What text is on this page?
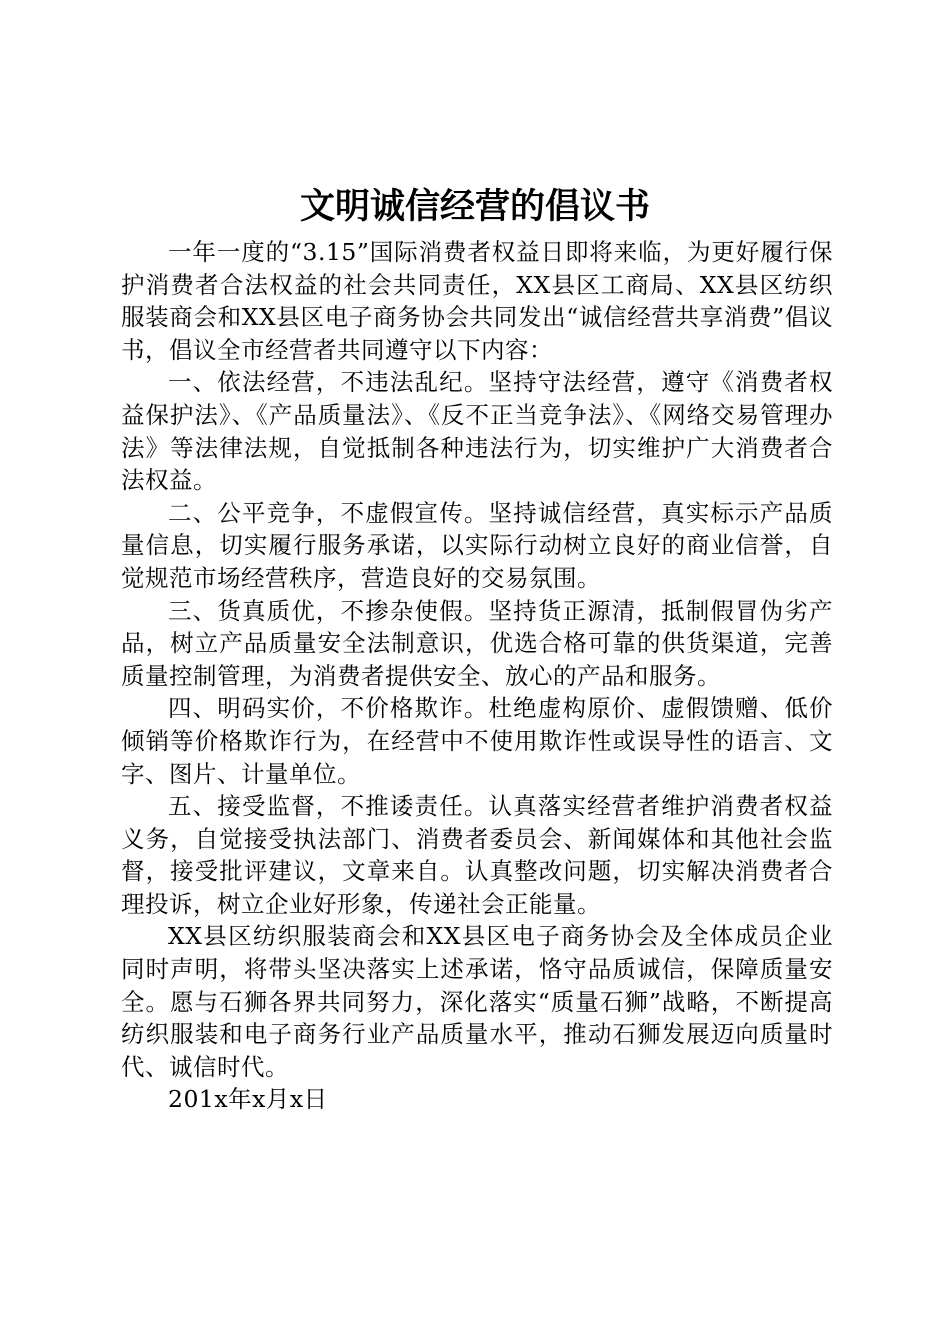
文明诚信经营的倡议书

一年一度的“3.15”国际消费者权益日即将来临，为更好履行保护消费者合法权益的社会共同责任，XX县区工商局、XX县区纺织服装商会和XX县区电子商务协会共同发出“诚信经营共享消费”倡议书，倡议全市经营者共同遵守以下内容：

一、依法经营，不违法乱纪。坚持守法经营，遵守《消费者权益保护法》、《产品质量法》、《反不正当竞争法》、《网络交易管理办法》等法律法规，自觉抵制各种违法行为，切实维护广大消费者合法权益。

二、公平竞争，不虚假宣传。坚持诚信经营，真实标示产品质量信息，切实履行服务承诺，以实际行动树立良好的商业信誉，自觉规范市场经营秩序，营造良好的交易氛围。

三、货真质优，不掺杂使假。坚持货正源清，抵制假冒伪劣产品，树立产品质量安全法制意识，优选合格可靠的供货渠道，完善质量控制管理，为消费者提供安全、放心的产品和服务。

四、明码实价，不价格欺诈。杜绝虚构原价、虚假馈赠、低价倾销等价格欺诈行为，在经营中不使用欺诈性或误导性的语言、文字、图片、计量单位。

五、接受监督，不推诿责任。认真落实经营者维护消费者权益义务，自觉接受执法部门、消费者委员会、新闻媒体和其他社会监督，接受批评建议，文章来自。认真整改问题，切实解决消费者合理投诉，树立企业好形象，传递社会正能量。

XX县区纺织服装商会和XX县区电子商务协会及全体成员企业同时声明，将带头坚决落实上述承诺，恪守品质诚信，保障质量安全。愿与石狮各界共同努力，深化落实“质量石狮”战略，不断提高纺织服装和电子商务行业产品质量水平，推动石狮发展迈向质量时代、诚信时代。

201x年x月x日
